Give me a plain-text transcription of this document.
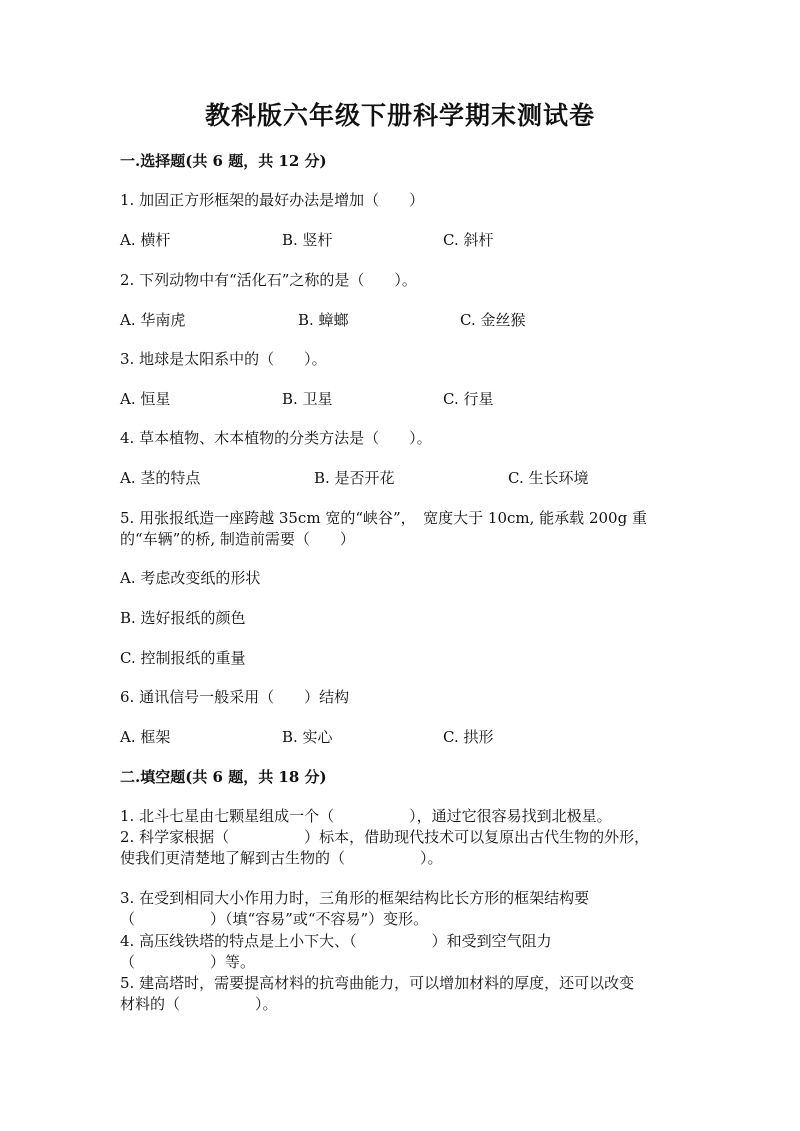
教科版六年级下册科学期末测试卷
一.选择题(共 6 题，共 12 分)
1. 加固正方形框架的最好办法是增加（　　）
A. 横杆	B. 竖杆	C. 斜杆
2. 下列动物中有“活化石”之称的是（　　）。
A. 华南虎	B. 蟑螂	C. 金丝猴
3. 地球是太阳系中的（　　）。
A. 恒星	B. 卫星	C. 行星
4. 草本植物、木本植物的分类方法是（　　）。
A. 茎的特点	B. 是否开花	C. 生长环境
5. 用张报纸造一座跨越 35cm 宽的“峡谷”，　宽度大于 10cm, 能承载 200g 重
的“车辆”的桥, 制造前需要（　　）
A. 考虑改变纸的形状
B. 选好报纸的颜色
C. 控制报纸的重量
6. 通讯信号一般采用（　　）结构
A. 框架	B. 实心	C. 拱形
二.填空题(共 6 题，共 18 分)
1. 北斗七星由七颗星组成一个（　　　　　），通过它很容易找到北极星。
2. 科学家根据（　　　　　）标本，借助现代技术可以复原出古代生物的外形，
使我们更清楚地了解到古生物的（　　　　　）。
3. 在受到相同大小作用力时，三角形的框架结构比长方形的框架结构要
（　　　　　）（填“容易”或“不容易”）变形。
4. 高压线铁塔的特点是上小下大、（　　　　　）和受到空气阻力
（　　　　　）等。
5. 建高塔时，需要提高材料的抗弯曲能力，可以增加材料的厚度，还可以改变
材料的（　　　　　）。
